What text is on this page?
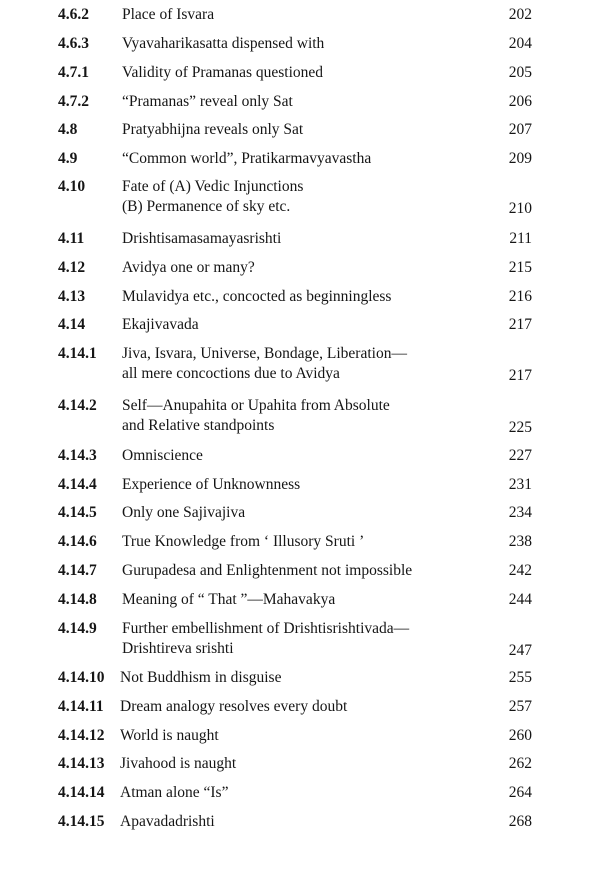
4.6.2 Place of Isvara	202
4.6.3 Vyavaharikasatta dispensed with	204
4.7.1 Validity of Pramanas questioned	205
4.7.2 “Pramanas” reveal only Sat	206
4.8	Pratyabhijna reveals only Sat	207
4.9	“Common world”, Pratikarmavyavastha	209
4.10 Fate of (A) Vedic Injunctions
(B) Permanence of sky etc.	210
4.11 Drishtisamasamayasrishti	211
4.12 Avidya one or many?	215
4.13 Mulavidya etc., concocted as beginningless	216
4.14 Ekajivavada	217
4.14.1 Jiva, Isvara, Universe, Bondage, Liberation—
all mere concoctions due to Avidya	217
4.14.2 Self—Anupahita or Upahita from Absolute
and Relative standpoints	225
4.14.3 Omniscience	227
4.14.4 Experience of Unknownness	231
4.14.5 Only one Sajivajiva	234
4.14.6 True Knowledge from ‘ Illusory Sruti ’	238
4.14.7 Gurupadesa and Enlightenment not impossible	242
4.14.8 Meaning of “ That ”—Mahavakya	244
4.14.9 Further embellishment of Drishtisrishtivada—
Drishtireva srishti	247
4.14.10 Not Buddhism in disguise	255
4.14.11 Dream analogy resolves every doubt	257
4.14.12 World is naught	260
4.14.13 Jivahood is naught	262
4.14.14 Atman alone “Is”	264
4.14.15 Apavadadrishti	268
